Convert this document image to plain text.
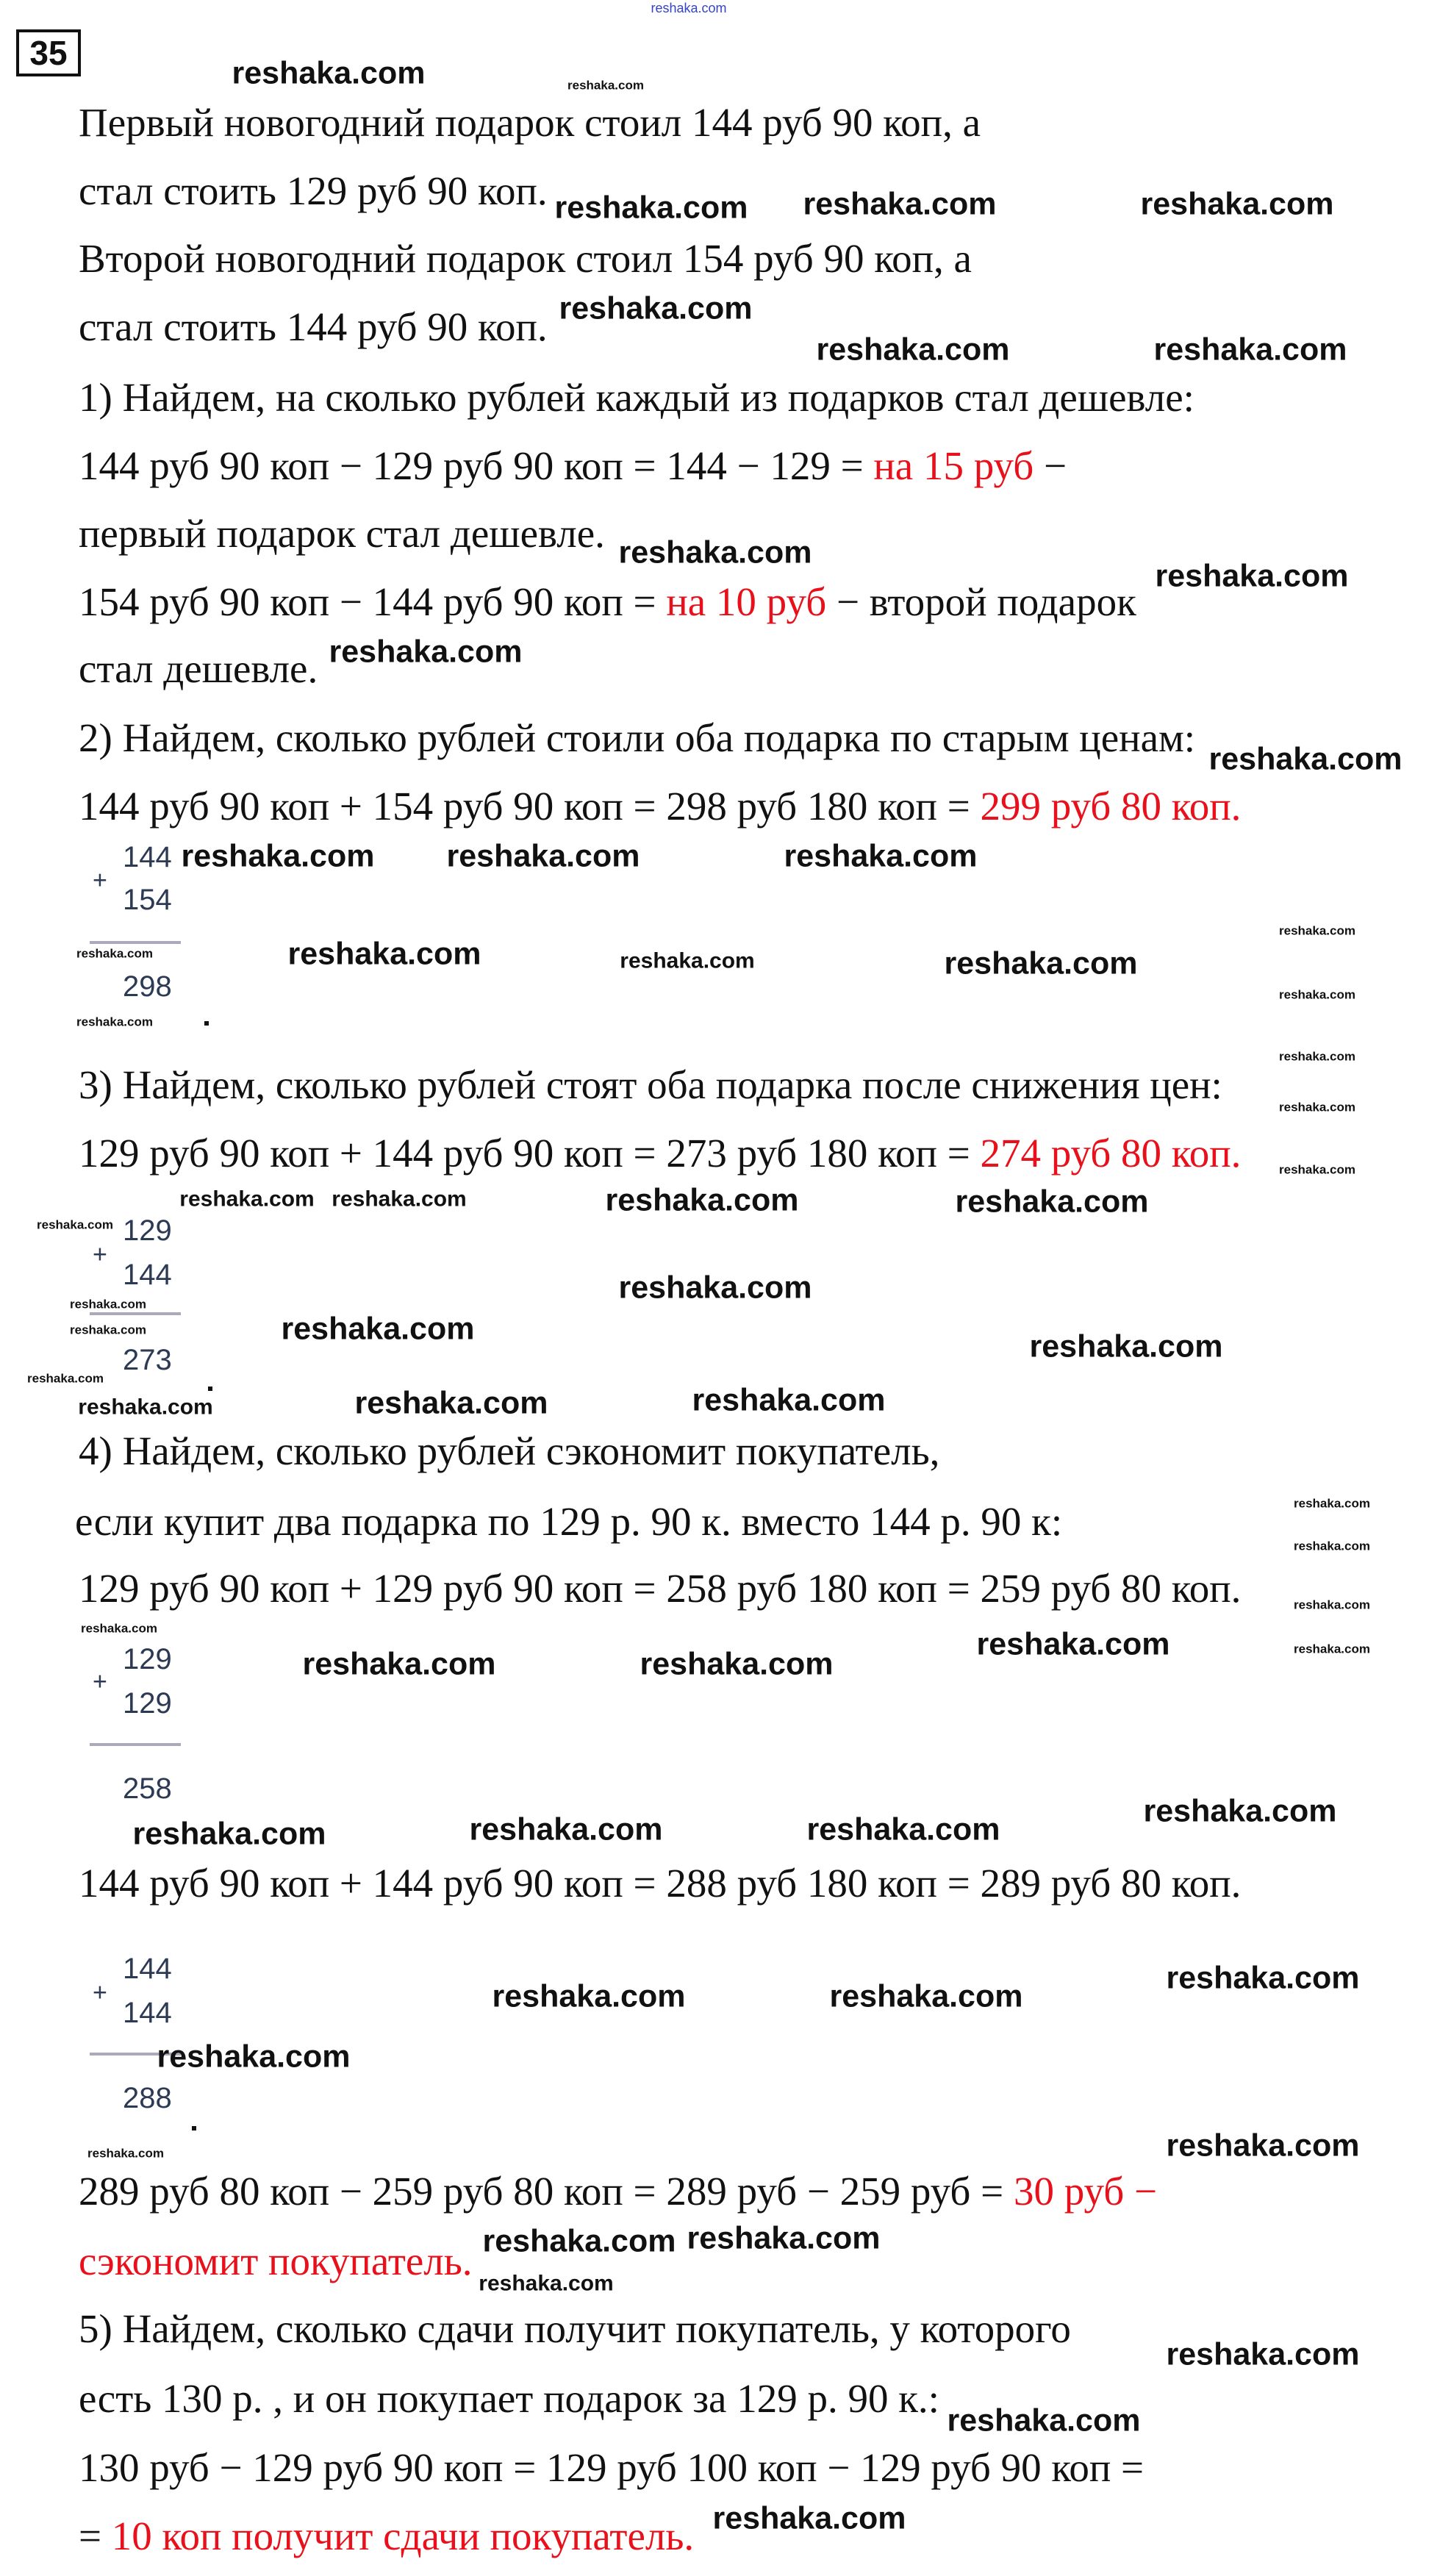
reshaka.com
35
Первый новогодний подарок стоил 144 руб 90 коп, а
стал стоить 129 руб 90 коп.
Второй новогодний подарок стоил 154 руб 90 коп, а
стал стоить 144 руб 90 коп.
1) Найдем, на сколько рублей каждый из подарков стал дешевле:
144 руб 90 коп − 129 руб 90 коп = 144 − 129 = на 15 руб −
первый подарок стал дешевле.
154 руб 90 коп − 144 руб 90 коп = на 10 руб − второй подарок
стал дешевле.
2) Найдем, сколько рублей стоили оба подарка по старым ценам:
144 руб 90 коп + 154 руб 90 коп = 298 руб 180 коп = 299 руб 80 коп.
3) Найдем, сколько рублей стоят оба подарка после снижения цен:
129 руб 90 коп + 144 руб 90 коп = 273 руб 180 коп = 274 руб 80 коп.
4) Найдем, сколько рублей сэкономит покупатель,
если купит два подарка по 129 р. 90 к. вместо 144 р. 90 к:
129 руб 90 коп + 129 руб 90 коп = 258 руб 180 коп = 259 руб 80 коп.
144 руб 90 коп + 144 руб 90 коп = 288 руб 180 коп = 289 руб 80 коп.
289 руб 80 коп − 259 руб 80 коп = 289 руб − 259 руб = 30 руб −
сэкономит покупатель.
5) Найдем, сколько сдачи получит покупатель, у которого
есть 130 р. , и он покупает подарок за 129 р. 90 к.:
130 руб − 129 руб 90 коп = 129 руб 100 коп − 129 руб 90 коп =
= 10 коп получит сдачи покупатель.
144
+
154
298
129
+
144
273
129
+
129
258
144
+
144
288
reshaka.com
reshaka.com	reshaka.com
reshaka.com
reshaka.com
reshaka.com	reshaka.com
reshaka.com
reshaka.com
reshaka.com
reshaka.com reshaka.com	reshaka.com
reshaka.com
reshaka.com	reshaka.com
reshaka.com	reshaka.com
reshaka.com
reshaka.com	reshaka.com
reshaka.com	reshaka.com
reshaka.com	reshaka.com
reshaka.com
reshaka.com	reshaka.com	reshaka.com
reshaka.com
reshaka.com	reshaka.com
reshaka.com
reshaka.com
reshaka.com
reshaka.com reshaka.com
reshaka.com
reshaka.com
reshaka.com
reshaka.com
reshaka.com reshaka.com
reshaka.com
reshaka.com
reshaka.com
reshaka.com
reshaka.com
reshaka.com
reshaka.com
reshaka.com
reshaka.com
reshaka.com
reshaka.com
reshaka.com
reshaka.com
reshaka.com
reshaka.com
reshaka.com
reshaka.com
reshaka.com
reshaka.com
reshaka.com
